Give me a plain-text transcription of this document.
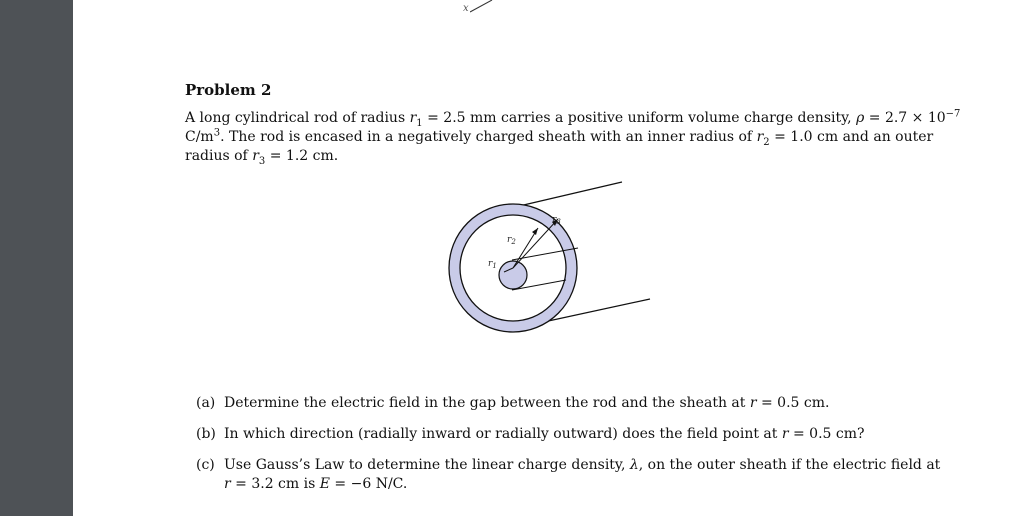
x
Problem 2
A long cylindrical rod of radius $r_1 = 2.5$ mm carries a positive uniform volume charge density, $\rho = 2.7 \times 10^{-7}$
$C/m^3$. The rod is encased in a negatively charged sheath with an inner radius of $r_2 = 1.0$ cm and an outer
radius of $r_3 = 1.2$ cm.
$r_3$
$r_2$
$r_1$
(a) Determine the electric field in the gap between the rod and the sheath at r = 0.5 cm.
(b) In which direction (radially inward or radially outward) does the field point at r = 0.5 cm?
(c) Use Gauss’s Law to determine the linear charge density, λ, on the outer sheath if the electric field at
r = 3.2 cm is E = −6 N/C.
